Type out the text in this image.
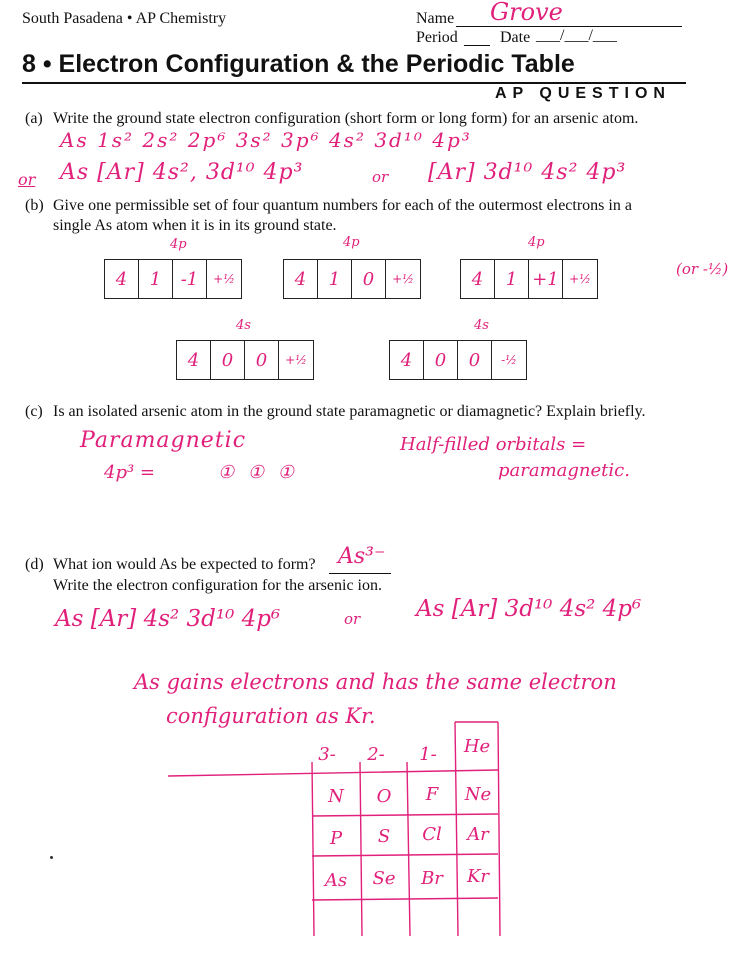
South Pasadena • AP Chemistry	Name Grove
Period	Date ___/___/___
8 • Electron Configuration & the Periodic Table
AP QUESTION
(a) Write the ground state electron configuration (short form or long form) for an arsenic atom.
As 1s² 2s² 2p⁶ 3s² 3p⁶ 4s² 3d¹⁰ 4p³
or As [Ar] 4s², 3d¹⁰ 4p³	or [Ar] 3d¹⁰ 4s² 4p³
(b) Give one permissible set of four quantum numbers for each of the outermost electrons in a
single As atom when it is in its ground state.
4p
4	1	-1	+½
4p
4	1	0	+½
4p
4	1 +1 +½
(or -½)
4s
4	0	0	+½
4s
4	0	0	-½
(c) Is an isolated arsenic atom in the ground state paramagnetic or diamagnetic? Explain briefly.
Paramagnetic
4p³ =	① ① ①
Half-filled orbitals =
paramagnetic.
(d) What ion would As be expected to form? As³⁻
Write the electron configuration for the arsenic ion.
As [Ar] 4s² 3d¹⁰ 4p⁶	or As [Ar] 3d¹⁰ 4s² 4p⁶
As gains electrons and has the same electron
configuration as Kr.
3-	2-	1-	He
N	O	F	Ne
P	S	Cl	Ar
As	Se	Br	Kr
